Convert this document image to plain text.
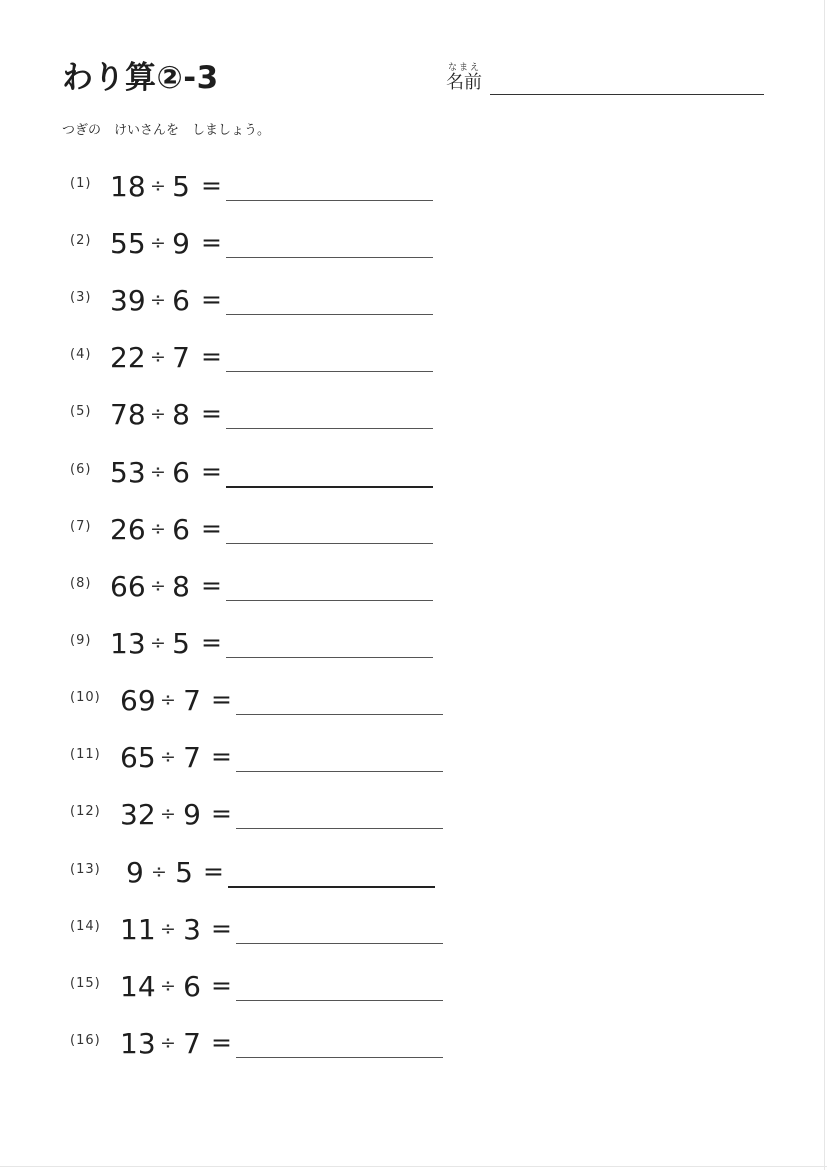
わり算②-3	なまえ
名前
つぎの　けいさんを　しましょう。
(1) 18 ÷ 5 =
(2) 55 ÷ 9 =
(3) 39 ÷ 6 =
(4) 22 ÷ 7 =
(5) 78 ÷ 8 =
(6) 53 ÷ 6 =
(7) 26 ÷ 6 =
(8) 66 ÷ 8 =
(9) 13 ÷ 5 =
(10) 69 ÷ 7 =
(11) 65 ÷ 7 =
(12) 32 ÷ 9 =
(13) 9 ÷ 5 =
(14) 11 ÷ 3 =
(15) 14 ÷ 6 =
(16) 13 ÷ 7 =
